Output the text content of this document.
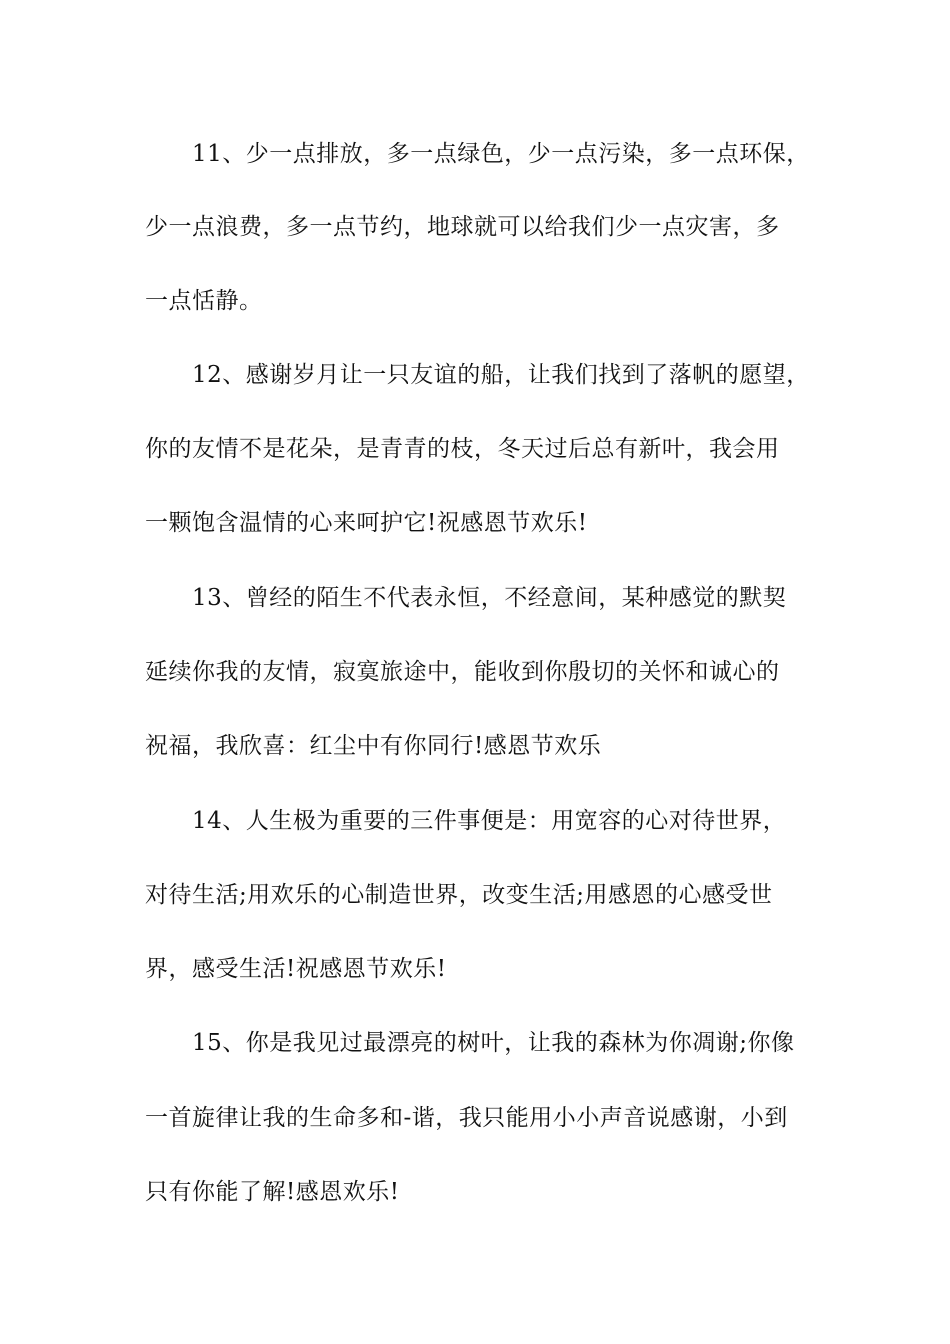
11、少一点排放，多一点绿色，少一点污染，多一点环保，
少一点浪费，多一点节约，地球就可以给我们少一点灾害，多
一点恬静。
12、感谢岁月让一只友谊的船，让我们找到了落帆的愿望，
你的友情不是花朵，是青青的枝，冬天过后总有新叶，我会用
一颗饱含温情的心来呵护它!祝感恩节欢乐!
13、曾经的陌生不代表永恒，不经意间，某种感觉的默契
延续你我的友情，寂寞旅途中，能收到你殷切的关怀和诚心的
祝福，我欣喜：红尘中有你同行!感恩节欢乐
14、人生极为重要的三件事便是：用宽容的心对待世界，
对待生活;用欢乐的心制造世界，改变生活;用感恩的心感受世
界，感受生活!祝感恩节欢乐!
15、你是我见过最漂亮的树叶，让我的森林为你凋谢;你像
一首旋律让我的生命多和-谐，我只能用小小声音说感谢，小到
只有你能了解!感恩欢乐!
